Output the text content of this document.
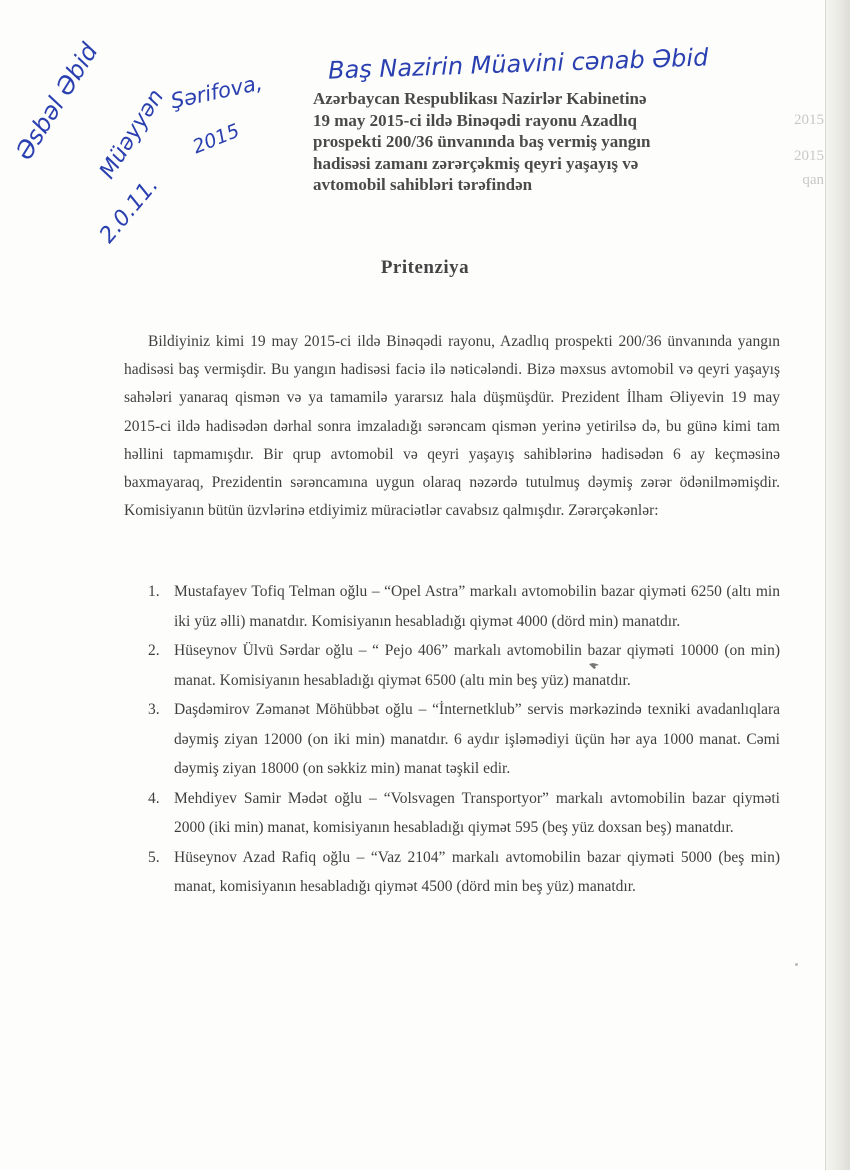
2015
2015
qan
Baş Nazirin Müavini cənab Əbid
Şərifova,
Əsbəl Əbid
Müəyyən 2015
2.0.11.
Azərbaycan Respublikası Nazirlər Kabinetinə
19 may 2015-ci ildə Binəqədi rayonu Azadlıq
prospekti 200/36 ünvanında baş vermiş yangın
hadisəsi zamanı zərərçəkmiş qeyri yaşayış və
avtomobil sahibləri tərəfindən
Pritenziya

Bildiyiniz kimi 19 may 2015-ci ildə Binəqədi rayonu, Azadlıq prospekti 200/36 ünvanında yangın hadisəsi baş vermişdir. Bu yangın hadisəsi faciə ilə nəticələndi. Bizə məxsus avtomobil və qeyri yaşayış sahələri yanaraq qismən və ya tamamilə yararsız hala düşmüşdür. Prezident İlham Əliyevin 19 may 2015-ci ildə hadisədən dərhal sonra imzaladığı sərəncam qismən yerinə yetirilsə də, bu günə kimi tam həllini tapmamışdır. Bir qrup avtomobil və qeyri yaşayış sahiblərinə hadisədən 6 ay keçməsinə baxmayaraq, Prezidentin sərəncamına uygun olaraq nəzərdə tutulmuş dəymiş zərər ödənilməmişdir. Komisiyanın bütün üzvlərinə etdiyimiz müraciətlər cavabsız qalmışdır. Zərərçəkənlər:

1. Mustafayev Tofiq Telman oğlu – “Opel Astra” markalı avtomobilin bazar qiyməti 6250 (altı min iki yüz əlli) manatdır. Komisiyanın hesabladığı qiymət 4000 (dörd min) manatdır.
2. Hüseynov Ülvü Sərdar oğlu – “ Pejo 406” markalı avtomobilin bazar qiyməti 10000 (on min) manat. Komisiyanın hesabladığı qiymət 6500 (altı min beş yüz) manatdır.
3. Daşdəmirov Zəmanət Möhübbət oğlu – “İnternetklub” servis mərkəzində texniki avadanlıqlara dəymiş ziyan 12000 (on iki min) manatdır. 6 aydır işləmədiyi üçün hər aya 1000 manat. Cəmi dəymiş ziyan 18000 (on səkkiz min) manat təşkil edir.
4. Mehdiyev Samir Mədət oğlu – “Volsvagen Transportyor” markalı avtomobilin bazar qiyməti 2000 (iki min) manat, komisiyanın hesabladığı qiymət 595 (beş yüz doxsan beş) manatdır.
5. Hüseynov Azad Rafiq oğlu – “Vaz 2104” markalı avtomobilin bazar qiyməti 5000 (beş min) manat, komisiyanın hesabladığı qiymət 4500 (dörd min beş yüz) manatdır.
